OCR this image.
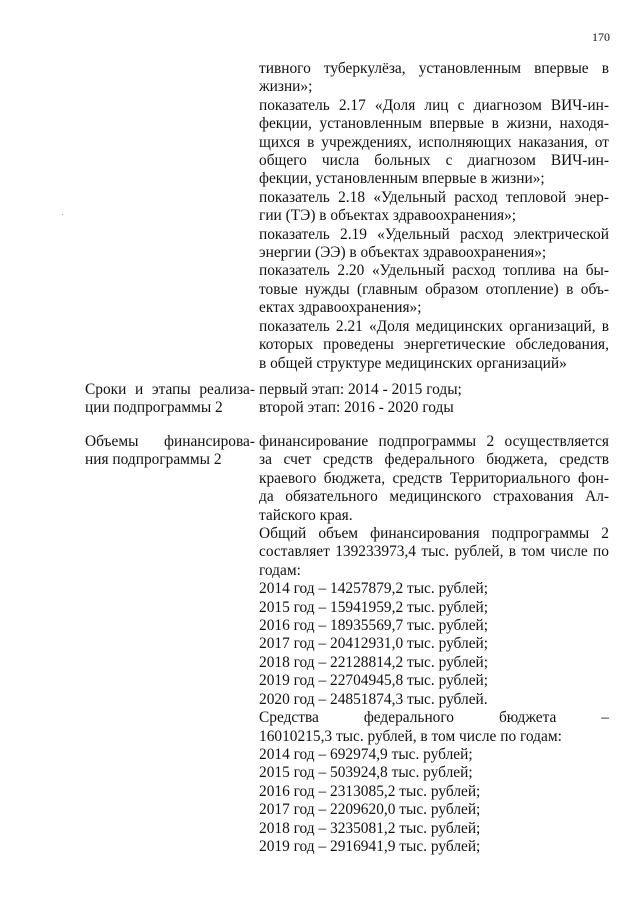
170
тивного туберкулёза, установленным впервые в
жизни»;
показатель 2.17 «Доля лиц с диагнозом ВИЧ-ин-
фекции, установленным впервые в жизни, находя-
щихся в учреждениях, исполняющих наказания, от
общего числа больных с диагнозом ВИЧ-ин-
фекции, установленным впервые в жизни»;
показатель 2.18 «Удельный расход тепловой энер-
гии (ТЭ) в объектах здравоохранения»;
показатель 2.19 «Удельный расход электрической
энергии (ЭЭ) в объектах здравоохранения»;
показатель 2.20 «Удельный расход топлива на бы-
товые нужды (главным образом отопление) в объ-
ектах здравоохранения»;
показатель 2.21 «Доля медицинских организаций, в
которых проведены энергетические обследования,
в общей структуре медицинских организаций»
Сроки и этапы реализа-
ции подпрограммы 2
первый этап: 2014 - 2015 годы;
второй этап: 2016 - 2020 годы
Объемы финансирова-
ния подпрограммы 2
финансирование подпрограммы 2 осуществляется
за счет средств федерального бюджета, средств
краевого бюджета, средств Территориального фон-
да обязательного медицинского страхования Ал-
тайского края.
Общий объем финансирования подпрограммы 2
составляет 139233973,4 тыс. рублей, в том числе по
годам:
2014 год – 14257879,2 тыс. рублей;
2015 год – 15941959,2 тыс. рублей;
2016 год – 18935569,7 тыс. рублей;
2017 год – 20412931,0 тыс. рублей;
2018 год – 22128814,2 тыс. рублей;
2019 год – 22704945,8 тыс. рублей;
2020 год – 24851874,3 тыс. рублей.
Средства федерального бюджета –
16010215,3 тыс. рублей, в том числе по годам:
2014 год – 692974,9 тыс. рублей;
2015 год – 503924,8 тыс. рублей;
2016 год – 2313085,2 тыс. рублей;
2017 год – 2209620,0 тыс. рублей;
2018 год – 3235081,2 тыс. рублей;
2019 год – 2916941,9 тыс. рублей;
